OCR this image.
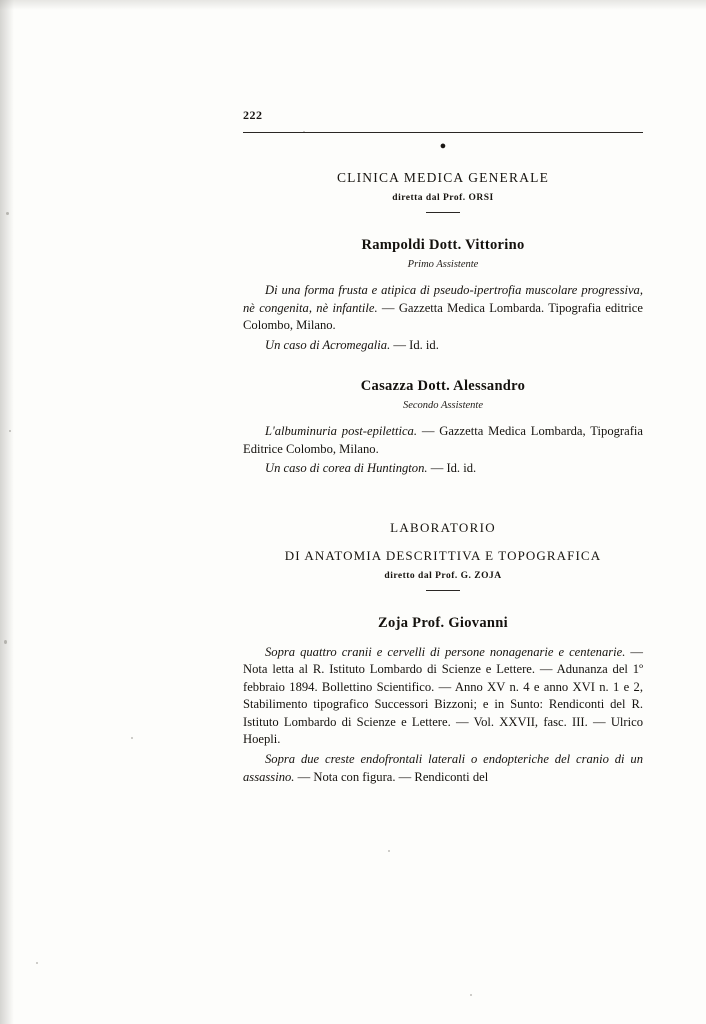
222
●
CLINICA MEDICA GENERALE
diretta dal Prof. ORSI
Rampoldi Dott. Vittorino
Primo Assistente
Di una forma frusta e atipica di pseudo-ipertrofia muscolare progressiva, nè congenita, nè infantile. — Gazzetta Medica Lombarda. Tipografia editrice Colombo, Milano.
Un caso di Acromegalia. — Id. id.
Casazza Dott. Alessandro
Secondo Assistente
L'albuminuria post-epilettica. — Gazzetta Medica Lombarda, Tipografia Editrice Colombo, Milano.
Un caso di corea di Huntington. — Id. id.
LABORATORIO
DI ANATOMIA DESCRITTIVA E TOPOGRAFICA
diretto dal Prof. G. ZOJA
Zoja Prof. Giovanni
Sopra quattro cranii e cervelli di persone nonagenarie e centenarie. — Nota letta al R. Istituto Lombardo di Scienze e Lettere. — Adunanza del 1º febbraio 1894. Bollettino Scientifico. — Anno XV n. 4 e anno XVI n. 1 e 2, Stabilimento tipografico Successori Bizzoni; e in Sunto: Rendiconti del R. Istituto Lombardo di Scienze e Lettere. — Vol. XXVII, fasc. III. — Ulrico Hoepli.
Sopra due creste endofrontali laterali o endopteriche del cranio di un assassino. — Nota con figura. — Rendiconti del
